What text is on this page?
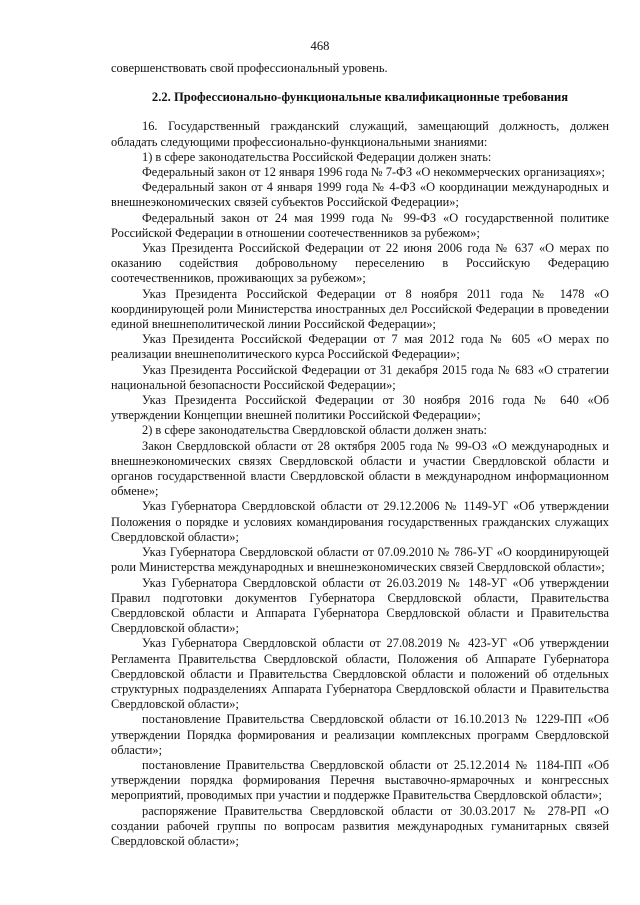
468

совершенствовать свой профессиональный уровень.

2.2. Профессионально-функциональные квалификационные требования

16. Государственный гражданский служащий, замещающий должность, должен обладать следующими профессионально-функциональными знаниями:

1) в сфере законодательства Российской Федерации должен знать:

Федеральный закон от 12 января 1996 года № 7-ФЗ «О некоммерческих организациях»;

Федеральный закон от 4 января 1999 года № 4-ФЗ «О координации международных и внешнеэкономических связей субъектов Российской Федерации»;

Федеральный закон от 24 мая 1999 года № 99-ФЗ «О государственной политике Российской Федерации в отношении соотечественников за рубежом»;

Указ Президента Российской Федерации от 22 июня 2006 года № 637 «О мерах по оказанию содействия добровольному переселению в Российскую Федерацию соотечественников, проживающих за рубежом»;

Указ Президента Российской Федерации от 8 ноября 2011 года № 1478 «О координирующей роли Министерства иностранных дел Российской Федерации в проведении единой внешнеполитической линии Российской Федерации»;

Указ Президента Российской Федерации от 7 мая 2012 года № 605 «О мерах по реализации внешнеполитического курса Российской Федерации»;

Указ Президента Российской Федерации от 31 декабря 2015 года № 683 «О стратегии национальной безопасности Российской Федерации»;

Указ Президента Российской Федерации от 30 ноября 2016 года № 640 «Об утверждении Концепции внешней политики Российской Федерации»;

2) в сфере законодательства Свердловской области должен знать:

Закон Свердловской области от 28 октября 2005 года № 99-ОЗ «О международных и внешнеэкономических связях Свердловской области и участии Свердловской области и органов государственной власти Свердловской области в международном информационном обмене»;

Указ Губернатора Свердловской области от 29.12.2006 № 1149-УГ «Об утверждении Положения о порядке и условиях командирования государственных гражданских служащих Свердловской области»;

Указ Губернатора Свердловской области от 07.09.2010 № 786-УГ «О координирующей роли Министерства международных и внешнеэкономических связей Свердловской области»;

Указ Губернатора Свердловской области от 26.03.2019 № 148-УГ «Об утверждении Правил подготовки документов Губернатора Свердловской области, Правительства Свердловской области и Аппарата Губернатора Свердловской области и Правительства Свердловской области»;

Указ Губернатора Свердловской области от 27.08.2019 № 423-УГ «Об утверждении Регламента Правительства Свердловской области, Положения об Аппарате Губернатора Свердловской области и Правительства Свердловской области и положений об отдельных структурных подразделениях Аппарата Губернатора Свердловской области и Правительства Свердловской области»;

постановление Правительства Свердловской области от 16.10.2013 № 1229-ПП «Об утверждении Порядка формирования и реализации комплексных программ Свердловской области»;

постановление Правительства Свердловской области от 25.12.2014 № 1184-ПП «Об утверждении порядка формирования Перечня выставочно-ярмарочных и конгрессных мероприятий, проводимых при участии и поддержке Правительства Свердловской области»;

распоряжение Правительства Свердловской области от 30.03.2017 № 278-РП «О создании рабочей группы по вопросам развития международных гуманитарных связей Свердловской области»;
